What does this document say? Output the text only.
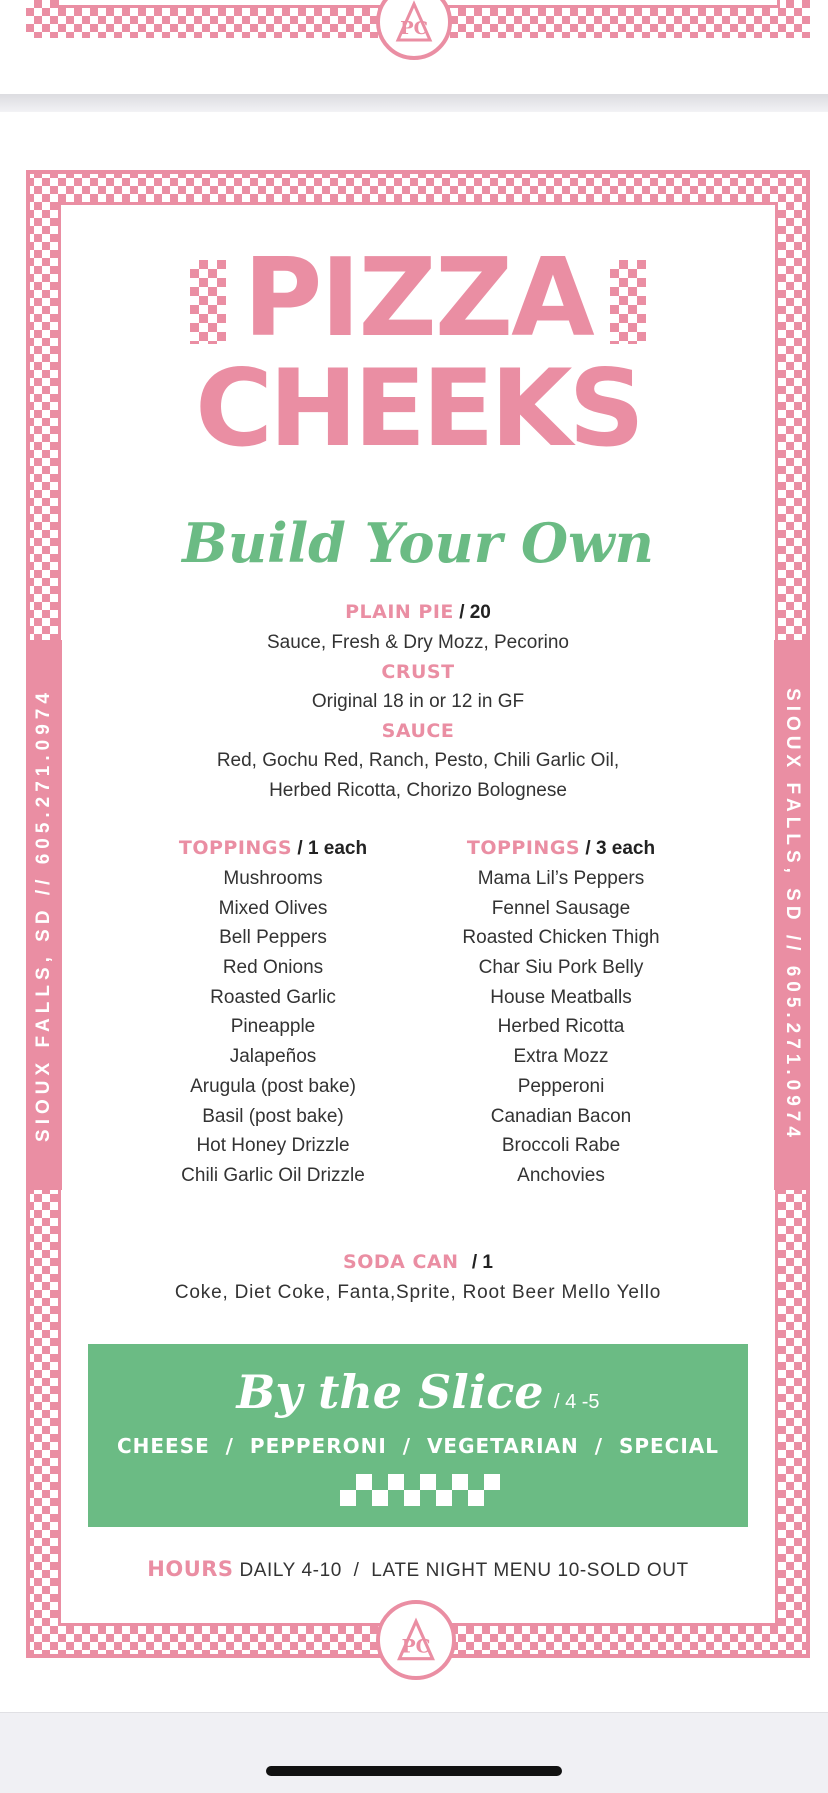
PC
SIOUX FALLS, SD // 605.271.0974	SIOUX FALLS, SD // 605.271.0974
PIZZA
CHEEKS
Build Your Own
PLAIN PIE / 20
Sauce, Fresh & Dry Mozz, Pecorino
CRUST
Original 18 in or 12 in GF
SAUCE
Red, Gochu Red, Ranch, Pesto, Chili Garlic Oil,
Herbed Ricotta, Chorizo Bolognese
TOPPINGS / 1 each
Mushrooms
Mixed Olives
Bell Peppers
Red Onions
Roasted Garlic
Pineapple
Jalapeños
Arugula (post bake)
Basil (post bake)
Hot Honey Drizzle
Chili Garlic Oil Drizzle
TOPPINGS / 3 each
Mama Lil’s Peppers
Fennel Sausage
Roasted Chicken Thigh
Char Siu Pork Belly
House Meatballs
Herbed Ricotta
Extra Mozz
Pepperoni
Canadian Bacon
Broccoli Rabe
Anchovies
SODA CAN / 1
Coke, Diet Coke, Fanta,Sprite, Root Beer Mello Yello
By the Slice / 4 -5
CHEESE  /  PEPPERONI  /  VEGETARIAN  /  SPECIAL
HOURS DAILY 4-10  /  LATE NIGHT MENU 10-SOLD OUT
PC
